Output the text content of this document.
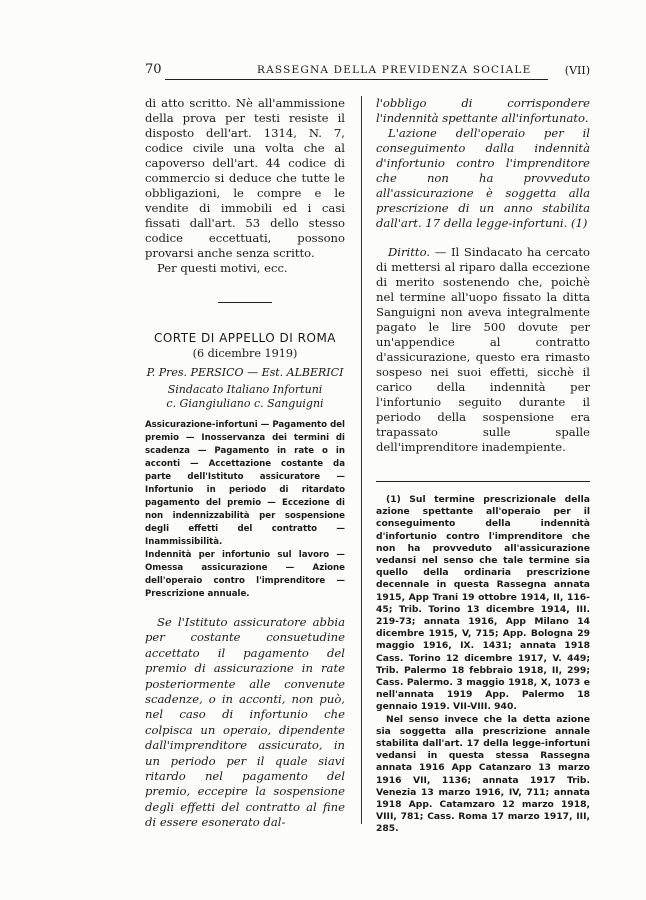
70	RASSEGNA DELLA PREVIDENZA SOCIALE	(VII)

di atto scritto. Nè all'ammissione della prova per testi resiste il disposto dell'art. 1314, N. 7, codice civile una volta che al capoverso dell'art. 44 codice di commercio si deduce che tutte le obbligazioni, le compre e le vendite di immobili ed i casi fissati dall'art. 53 dello stesso codice eccettuati, possono provarsi anche senza scritto.

Per questi motivi, ecc.

CORTE DI APPELLO DI ROMA
(6 dicembre 1919)
P. Pres. PERSICO — Est. ALBERICI
Sindacato Italiano Infortuni
c. Giangiuliano c. Sanguigni
Assicurazione-infortuni — Pagamento del premio — Inosservanza dei termini di scadenza — Pagamento in rate o in acconti — Accettazione costante da parte dell'Istituto assicuratore — Infortunio in periodo di ritardato pagamento del premio — Eccezione di non indennizzabilità per sospensione degli effetti del contratto — Inammissibilità.
Indennità per infortunio sul lavoro — Omessa assicurazione — Azione dell'operaio contro l'imprenditore — Prescrizione annuale.

Se l'Istituto assicuratore abbia per costante consuetudine accettato il pagamento del premio di assicurazione in rate posteriormente alle convenute scadenze, o in acconti, non può, nel caso di infortunio che colpisca un operaio, dipendente dall'imprenditore assicurato, in un periodo per il quale siavi ritardo nel pagamento del premio, eccepire la sospensione degli effetti del contratto al fine di essere esonerato dal-

l'obbligo di corrispondere l'indennità spettante all'infortunato.

L'azione dell'operaio per il conseguimento dalla indennità d'infortunio contro l'imprenditore che non ha provveduto all'assicurazione è soggetta alla prescrizione di un anno stabilita dall'art. 17 della legge-infortuni. (1)

Diritto. — Il Sindacato ha cercato di mettersi al riparo dalla eccezione di merito sostenendo che, poichè nel termine all'uopo fissato la ditta Sanguigni non aveva integralmente pagato le lire 500 dovute per un'appendice al contratto d'assicurazione, questo era rimasto sospeso nei suoi effetti, sicchè il carico della indennità per l'infortunio seguito durante il periodo della sospensione era trapassato sulle spalle dell'imprenditore inadempiente.

(1) Sul termine prescrizionale della azione spettante all'operaio per il conseguimento della indennità d'infortunio contro l'imprenditore che non ha provveduto all'assicurazione vedansi nel senso che tale termine sia quello della ordinaria prescrizione decennale in questa Rassegna annata 1915, App Trani 19 ottobre 1914, II, 116-45; Trib. Torino 13 dicembre 1914, III. 219-73; annata 1916, App Milano 14 dicembre 1915, V, 715; App. Bologna 29 maggio 1916, IX. 1431; annata 1918 Cass. Torino 12 dicembre 1917, V. 449; Trib. Palermo 18 febbraio 1918, II, 299; Cass. Palermo. 3 maggio 1918, X, 1073 e nell'annata 1919 App. Palermo 18 gennaio 1919. VII-VIII. 940.

Nel senso invece che la detta azione sia soggetta alla prescrizione annale stabilita dall'art. 17 della legge-infortuni vedansi in questa stessa Rassegna annata 1916 App Catanzaro 13 marzo 1916 VII, 1136; annata 1917 Trib. Venezia 13 marzo 1916, IV, 711; annata 1918 App. Catamzaro 12 marzo 1918, VIII, 781; Cass. Roma 17 marzo 1917, III, 285.
